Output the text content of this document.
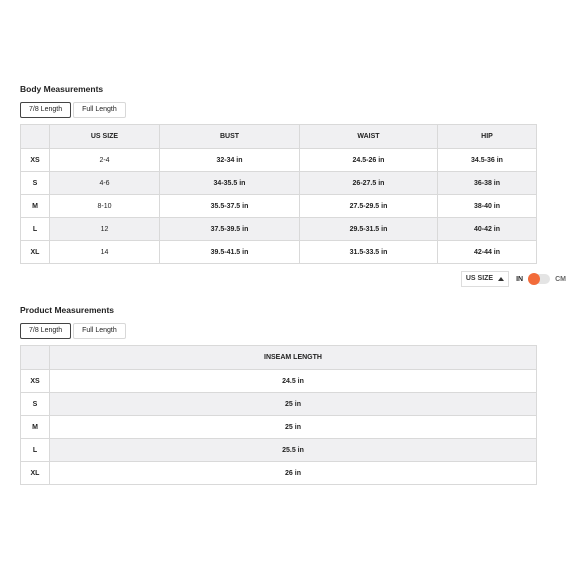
Body Measurements
7/8 Length	Full Length
	US SIZE	BUST	WAIST	HIP
XS	2-4	32-34 in	24.5-26 in	34.5-36 in
S	4-6	34-35.5 in	26-27.5 in	36-38 in
M	8-10	35.5-37.5 in	27.5-29.5 in	38-40 in
L	12	37.5-39.5 in	29.5-31.5 in	40-42 in
XL	14	39.5-41.5 in	31.5-33.5 in	42-44 in
US SIZE	IN	CM
Product Measurements
7/8 Length	Full Length
	INSEAM LENGTH
XS	24.5 in
S	25 in
M	25 in
L	25.5 in
XL	26 in
